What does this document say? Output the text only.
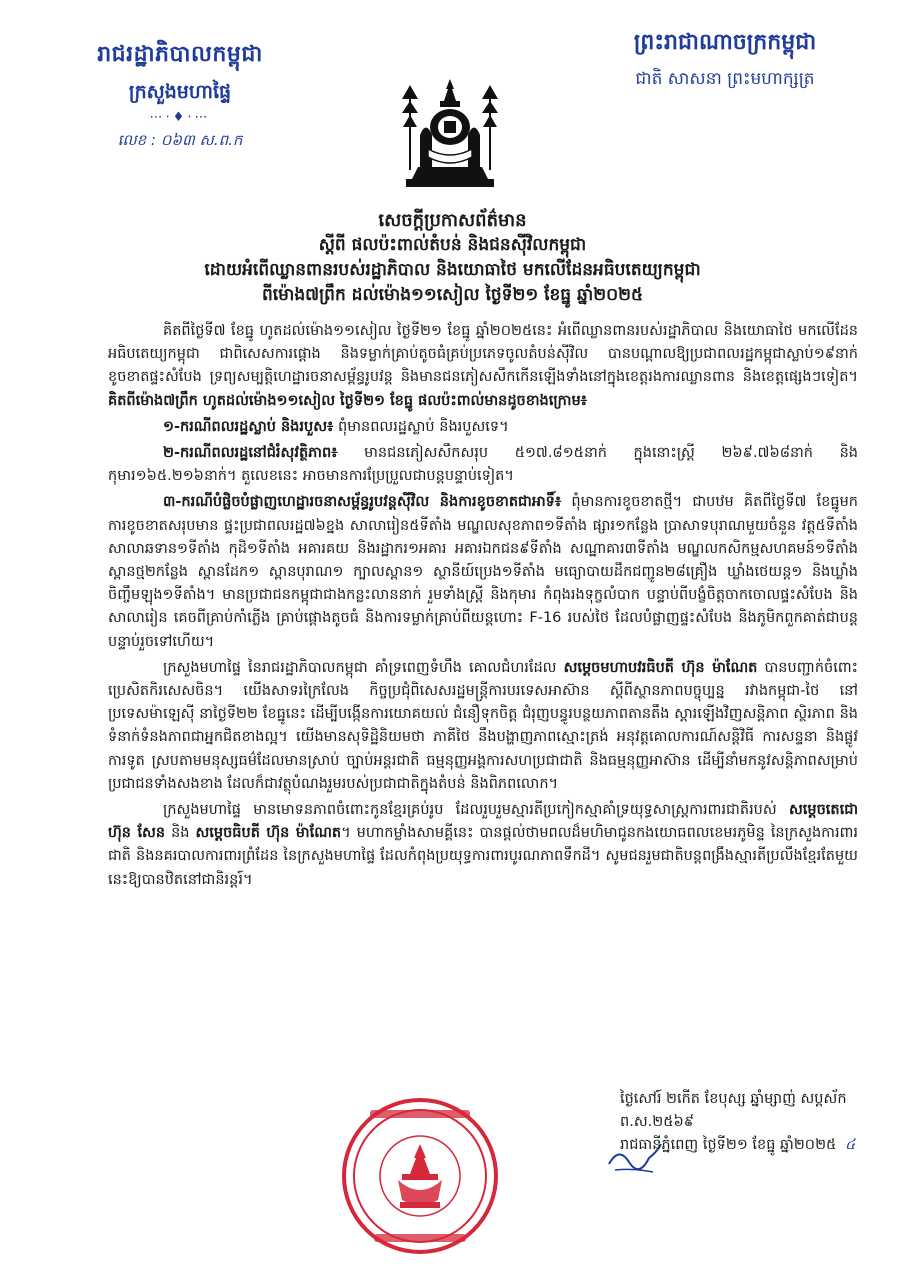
រាជរដ្ឋាភិបាលកម្ពុជា
ក្រសួងមហាផ្ទៃ
⋯⋅♦⋅⋯
លេខ : ០៦៣ ស.ព.ក
ព្រះរាជាណាចក្រកម្ពុជា
ជាតិ សាសនា ព្រះមហាក្សត្រ
សេចក្តីប្រកាសព័ត៌មាន
ស្តីពី ផលប៉ះពាល់តំបន់ និងជនស៊ីវិលកម្ពុជា
ដោយអំពើឈ្លានពានរបស់រដ្ឋាភិបាល និងយោធាថៃ មកលើដែនអធិបតេយ្យកម្ពុជា
ពីម៉ោង៧ព្រឹក ដល់ម៉ោង១១សៀល ថ្ងៃទី២១ ខែធ្នូ ឆ្នាំ២០២៥

គិតពីថ្ងៃទី៧ ខែធ្នូ ហូតដល់ម៉ោង១១សៀល ថ្ងៃទី២១ ខែធ្នូ ឆ្នាំ២០២៥នេះ អំពើឈ្លានពានរបស់រដ្ឋាភិបាល និងយោធាថៃ មកលើដែនអធិបតេយ្យកម្ពុជា ជាពិសេសការផ្តោង និងទម្លាក់គ្រាប់តូចធំគ្រប់ប្រភេទចូលតំបន់ស៊ីវិល បានបណ្តាលឱ្យប្រជាពលរដ្ឋកម្ពុជាស្លាប់១៩នាក់ ខូចខាតផ្ទះសំបែង ទ្រព្យសម្បត្តិហេដ្ឋារចនាសម្ព័ន្ធរូបវន្ត និងមានជនភៀសសឹកកើនឡើងទាំងនៅក្នុងខេត្តរងការឈ្លានពាន និងខេត្តផ្សេងៗទៀត។ គិតពីម៉ោង៧ព្រឹក ហូតដល់ម៉ោង១១សៀល ថ្ងៃទី២១ ខែធ្នូ ផលប៉ះពាល់មានដូចខាងក្រោម៖

១-ករណីពលរដ្ឋស្លាប់ និងរបួស៖ ពុំមានពលរដ្ឋស្លាប់ និងរបួសទេ។

២-ករណីពលរដ្ឋនៅជំរំសុវត្ថិភាព៖ មានជនភៀសសឹកសរុប ៥១៧.៨១៥នាក់ ក្នុងនោះស្ត្រី ២៦៩.៧៦៨នាក់ និងកុមារ១៦៥.២១៦នាក់។ តួលេខនេះ អាចមានការប្រែប្រួលជាបន្តបន្ទាប់ទៀត។

៣-ករណីបំផ្លិចបំផ្លាញហេដ្ឋារចនាសម្ព័ន្ធរូបវន្តស៊ីវិល និងការខូចខាតជាអាទិ៍៖ ពុំមានការខូចខាតថ្មី។ ជាបឋម គិតពីថ្ងៃទី៧ ខែធ្នូមក ការខូចខាតសរុបមាន ផ្ទះប្រជាពលរដ្ឋ៧៦ខ្នង សាលារៀន៥ទីតាំង មណ្ឌលសុខភាព១ទីតាំង ផ្សារ១កន្លែង ប្រាសាទបុរាណមួយចំនួន វត្ត៥ទីតាំង សាលាឆទាន១ទីតាំង កុដិ១ទីតាំង អគារគយ និងរដ្ឋាករ១អគារ អគារឯកជន៩ទីតាំង សណ្ឋាគារ៣ទីតាំង មណ្ឌលកសិកម្មសហគមន៍១ទីតាំង ស្ពានថ្ម២កន្លែង ស្ពានដែក១ ស្ពានបុរាណ១ ក្បាលស្ពាន១ ស្ថានីយ៍ប្រេង១ទីតាំង មធ្យោបាយដឹកជញ្ជូន២៨គ្រឿង ឃ្លាំងថេយន្ត១ និងឃ្លាំងចិញ្ចឹមឡុង១ទីតាំង។ មានប្រជាជនកម្ពុជាជាងកន្លះលាននាក់ រួមទាំងស្ត្រី និងកុមារ កំពុងរងទុក្ខលំបាក បន្ទាប់ពីបង្ខំចិត្តចាកចោលផ្ទះសំបែង និងសាលារៀន គេចពីគ្រាប់កាំភ្លើង គ្រាប់ផ្តោងតូចធំ និងការទម្លាក់គ្រាប់ពីយន្តហោះ F-16 របស់ថៃ ដែលបំផ្លាញផ្ទះសំបែង និងភូមិកពួកគាត់ជាបន្តបន្ទាប់រួចទៅហើយ។

ក្រសួងមហាផ្ទៃ នៃរាជរដ្ឋាភិបាលកម្ពុជា គាំទ្រពេញទំហឹង គោលជំហរដែល សម្តេចមហាបវរធិបតី ហ៊ុន ម៉ាណែត បានបញ្ជាក់ចំពោះប្រេសិតកិរសេសចិន។ យើងសាទរក្រៃលែង កិច្ចប្រជុំពិសេសរដ្ឋមន្ត្រីការបរទេសអាស៊ាន ស្តីពីស្ថានភាពបច្ចុប្បន្ន រវាងកម្ពុជា-ថៃ នៅប្រទេសម៉ាឡេស៊ី នាថ្ងៃទី២២ ខែធ្នូនេះ ដើម្បីបង្កើនការយោគយល់ ជំនឿទុកចិត្ត ជំរុញបន្ធូរបន្ថយភាពតានតឹង ស្តារឡើងវិញសន្តិភាព ស្ថិរភាព និងទំនាក់ទំនងភាពជាអ្នកជិតខាងល្អ។ យើងមានសុទិដ្ឋិនិយមថា ភាគីថៃ នឹងបង្ហាញភាពស្មោះត្រង់ អនុវត្តគោលការណ៍សន្តិវិធី ការសន្ទនា និងផ្លូវការទូត ស្របតាមមនុស្សធម៌ដែលមានស្រាប់ ច្បាប់អន្តរជាតិ ធម្មនុញ្ញអង្គការសហប្រជាជាតិ និងធម្មនុញ្ញអាស៊ាន ដើម្បីនាំមកនូវសន្តិភាពសម្រាប់ប្រជាជនទាំងសងខាង ដែលក៏ជាវត្ថុបំណងរួមរបស់ប្រជាជាតិក្នុងតំបន់ និងពិភពលោក។

ក្រសួងមហាផ្ទៃ មានមោទនភាពចំពោះកូនខ្មែរគ្រប់រូប ដែលរួបរួមស្មារតីប្រកៀកស្មាគាំទ្រយុទ្ធសាស្ត្រការពារជាតិរបស់ សម្តេចតេជោ ហ៊ុន សែន និង សម្តេចធិបតី ហ៊ុន ម៉ាណែត។ មហាកម្លាំងសាមគ្គីនេះ បានផ្តល់ថាមពលដ៏មហិមាជូនកងយោធពលខេមរភូមិន្ទ នៃក្រសួងការពារជាតិ និងនគរបាលការពារព្រំដែន នៃក្រសួងមហាផ្ទៃ ដែលកំពុងប្រយុទ្ធការពារបូរណភាពទឹកដី។ សូមជនរួមជាតិបន្តពង្រឹងស្មារតីប្រលឹងខ្មែរតែមួយនេះឱ្យបានឋិតនៅជានិរន្តរ៍។

ថ្ងៃសៅរ៍ ២កើត ខែបុស្ស ឆ្នាំម្សាញ់ សប្តស័ក ព.ស.២៥៦៩
រាជធានីភ្នំពេញ ថ្ងៃទី២១ ខែធ្នូ ឆ្នាំ២០២៥ ៤
